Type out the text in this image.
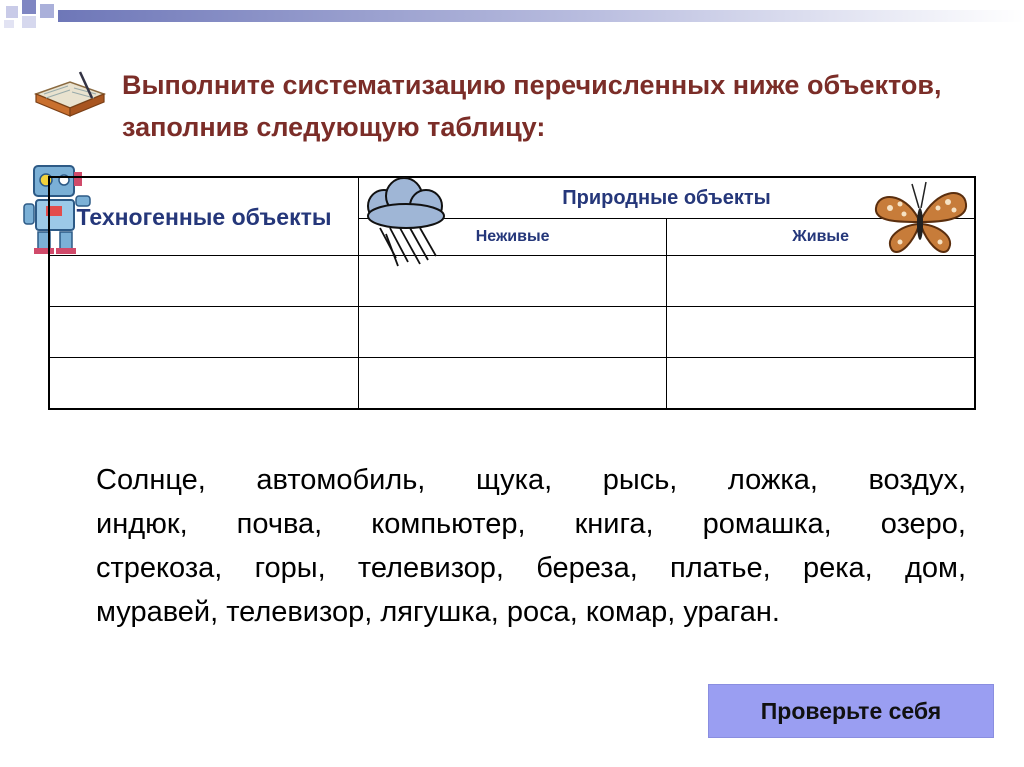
Техногенные объекты	Природные объекты	
	Неживые	Живые

Выполните систематизацию перечисленных ниже объектов, заполнив следующую таблицу:

Солнце, автомобиль, щука, рысь, ложка, воздух,
индюк, почва, компьютер, книга, ромашка, озеро,
стрекоза, горы, телевизор, береза, платье, река, дом,
муравей, телевизор, лягушка, роса, комар, ураган.
Проверьте себя
